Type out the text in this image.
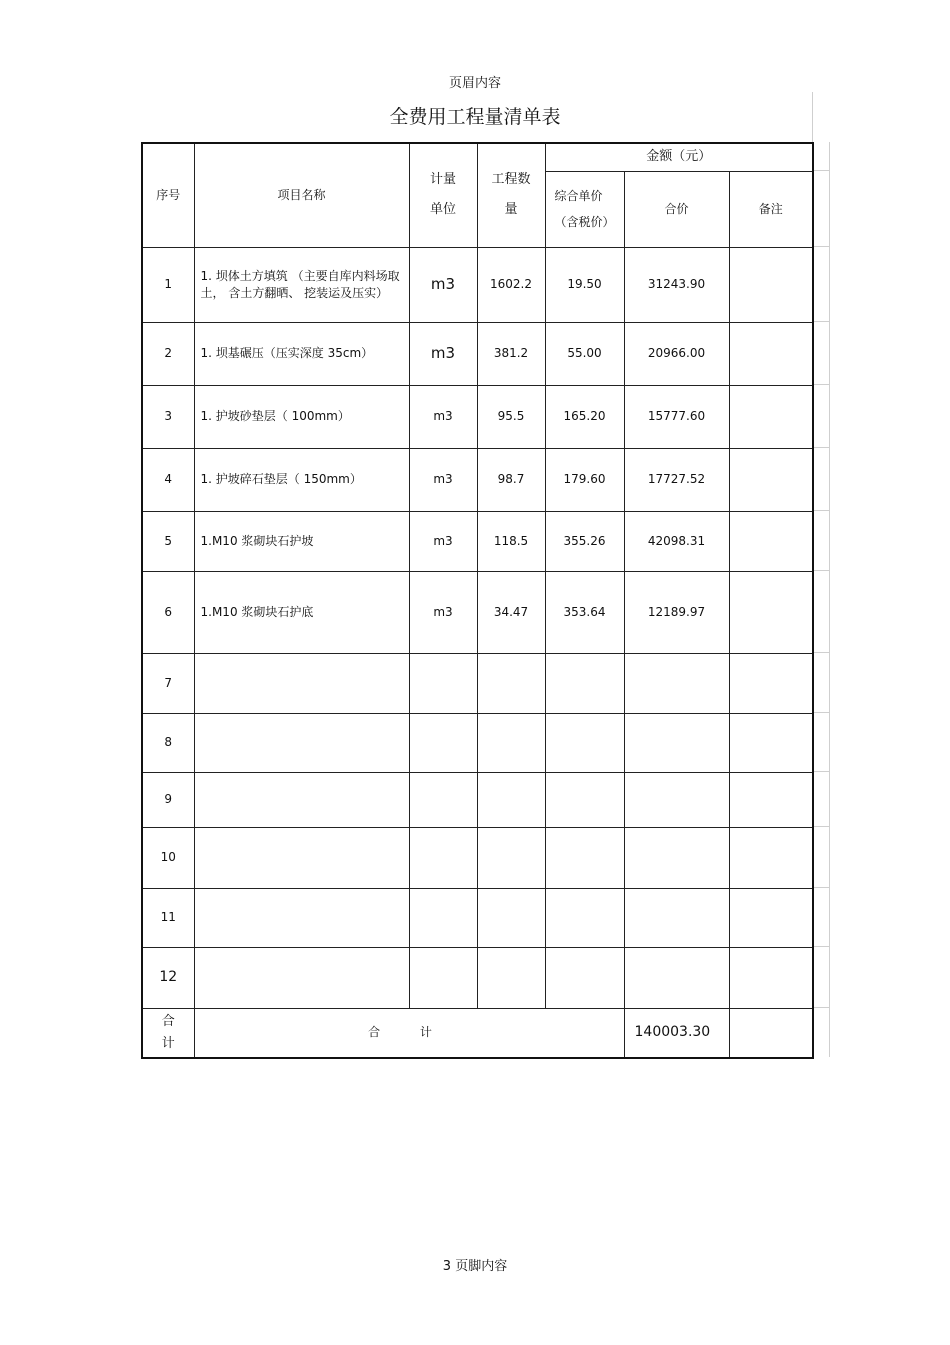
页眉内容
全费用工程量清单表
序号	项目名称	计量单位	工程数量	金额（元）		

				综合单价（含税价）	合价	备注
1	1. 坝体土方填筑 （主要自库内料场取土， 含土方翻晒、 挖装运及压实）	m3	1602.2	19.50	31243.90	
2	1. 坝基碾压（压实深度 35cm）	m3	381.2	55.00	20966.00	
3	1. 护坡砂垫层（ 100mm）	m3	95.5	165.20	15777.60	
4	1. 护坡碎石垫层（ 150mm）	m3	98.7	179.60	17727.52	
5	1.M10 浆砌块石护坡	m3	118.5	355.26	42098.31	
6	1.M10 浆砌块石护底	m3	34.47	353.64	12189.97	
7						
8						
9						
10						
11						
12						

合计	合 计				140003.30	
3 页脚内容
